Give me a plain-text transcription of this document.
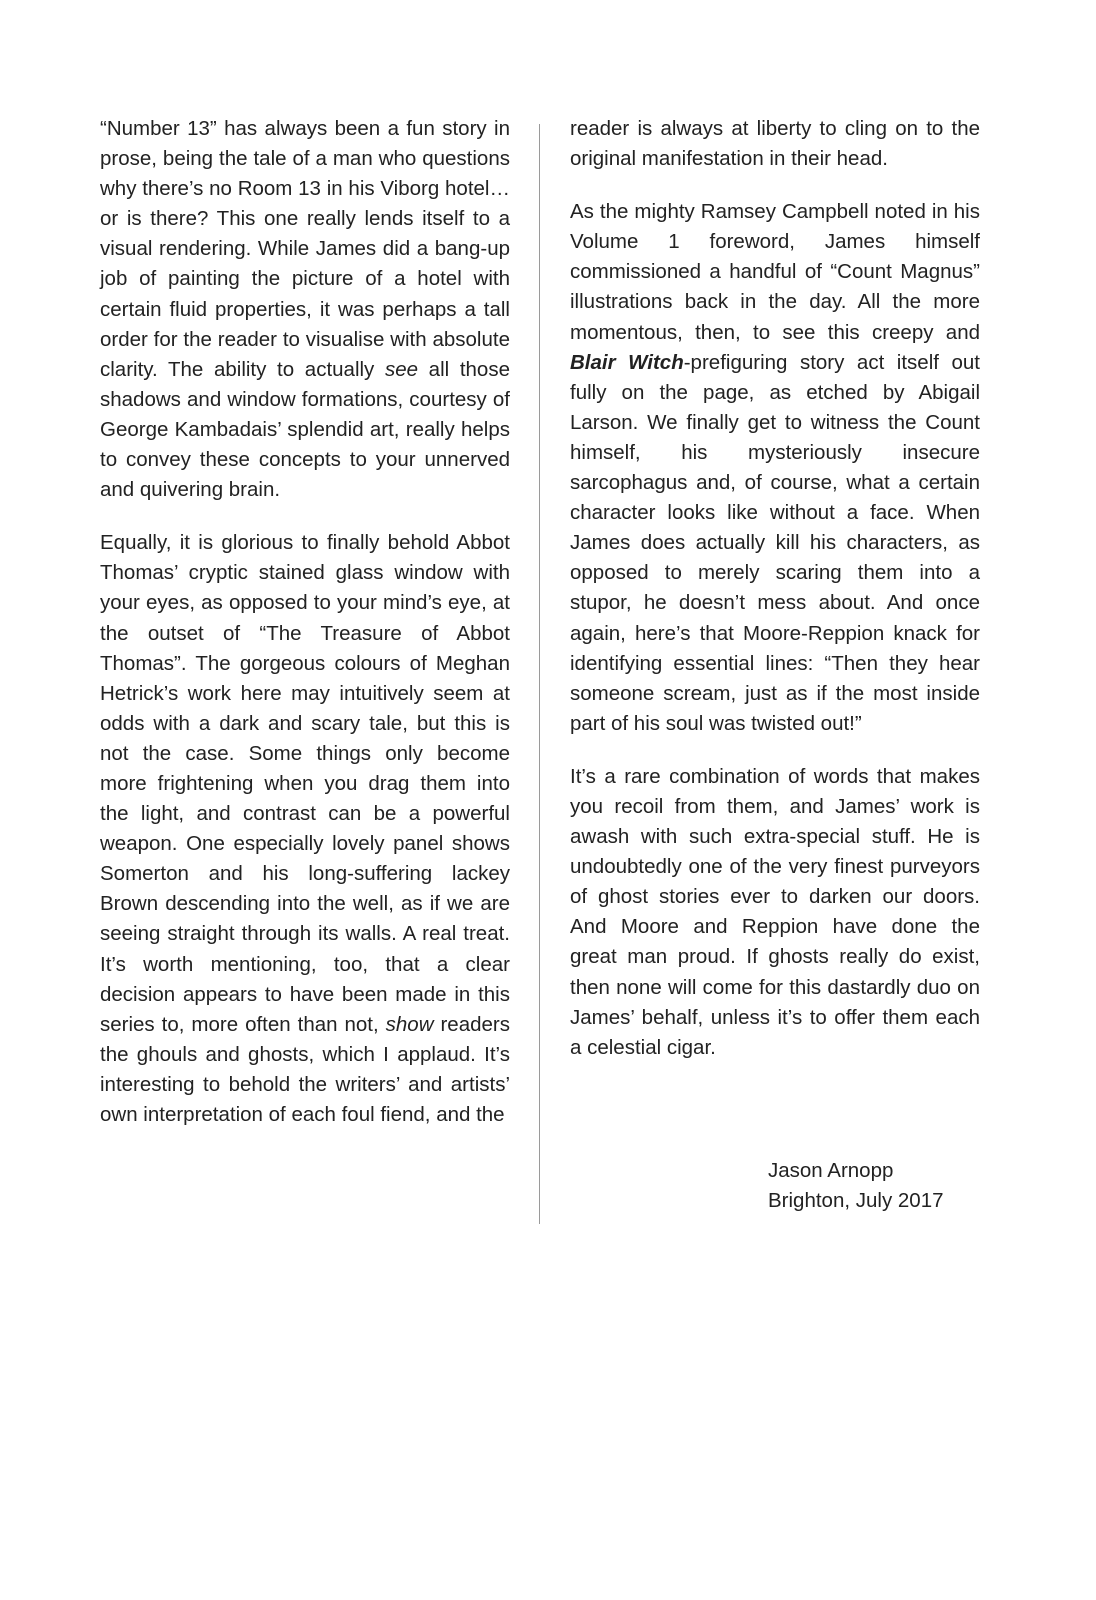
“Number 13” has always been a fun story in prose, being the tale of a man who questions why there’s no Room 13 in his Viborg hotel… or is there? This one really lends itself to a visual rendering. While James did a bang-up job of painting the picture of a hotel with certain fluid properties, it was perhaps a tall order for the reader to visualise with absolute clarity. The ability to actually see all those shadows and window formations, courtesy of George Kambadais’ splendid art, really helps to convey these concepts to your unnerved and quivering brain.

Equally, it is glorious to finally behold Abbot Thomas’ cryptic stained glass window with your eyes, as opposed to your mind’s eye, at the outset of “The Treasure of Abbot Thomas”. The gorgeous colours of Meghan Hetrick’s work here may intuitively seem at odds with a dark and scary tale, but this is not the case. Some things only become more frightening when you drag them into the light, and contrast can be a powerful weapon. One especially lovely panel shows Somerton and his long-suffering lackey Brown descending into the well, as if we are seeing straight through its walls. A real treat. It’s worth mentioning, too, that a clear decision appears to have been made in this series to, more often than not, show readers the ghouls and ghosts, which I applaud. It’s interesting to behold the writers’ and artists’ own interpretation of each foul fiend, and the

reader is always at liberty to cling on to the original manifestation in their head.

As the mighty Ramsey Campbell noted in his Volume 1 foreword, James himself commissioned a handful of “Count Magnus” illustrations back in the day. All the more momentous, then, to see this creepy and Blair Witch-prefiguring story act itself out fully on the page, as etched by Abigail Larson. We finally get to witness the Count himself, his mysteriously insecure sarcophagus and, of course, what a certain character looks like without a face. When James does actually kill his characters, as opposed to merely scaring them into a stupor, he doesn’t mess about. And once again, here’s that Moore-Reppion knack for identifying essential lines: “Then they hear someone scream, just as if the most inside part of his soul was twisted out!”

It’s a rare combination of words that makes you recoil from them, and James’ work is awash with such extra-special stuff. He is undoubtedly one of the very finest purveyors of ghost stories ever to darken our doors. And Moore and Reppion have done the great man proud. If ghosts really do exist, then none will come for this dastardly duo on James’ behalf, unless it’s to offer them each a celestial cigar.

Jason Arnopp
Brighton, July 2017
